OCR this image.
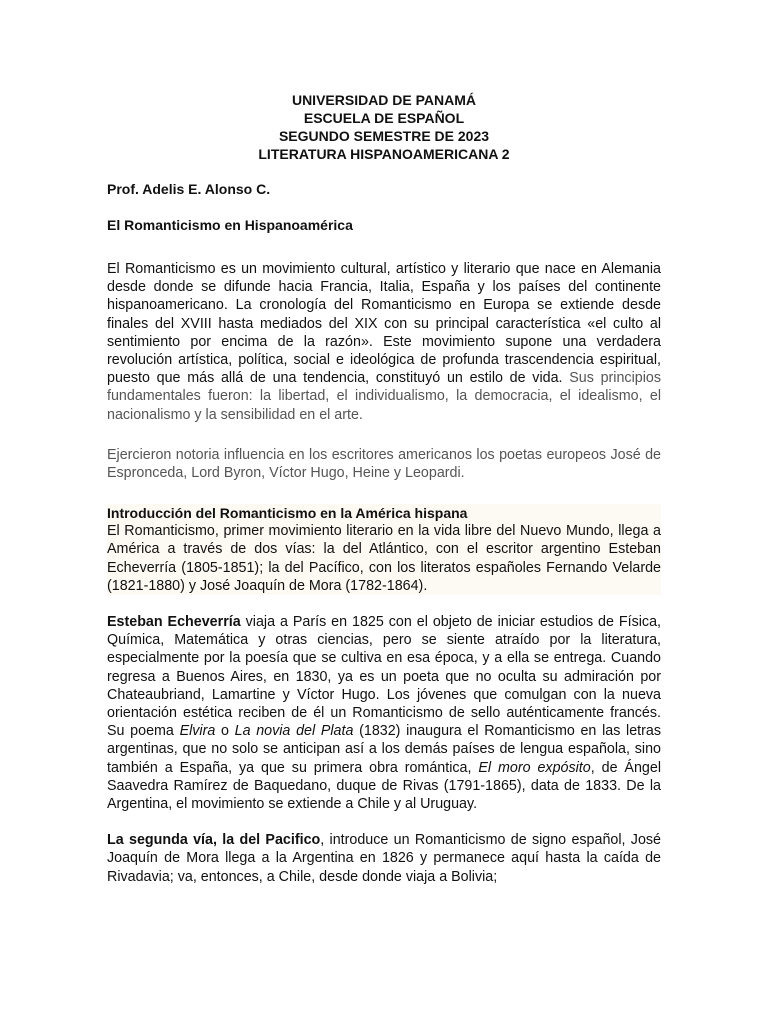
UNIVERSIDAD DE PANAMÁ
ESCUELA DE ESPAÑOL
SEGUNDO SEMESTRE DE 2023
LITERATURA HISPANOAMERICANA 2
Prof. Adelis E. Alonso C.
El Romanticismo en Hispanoamérica

El Romanticismo es un movimiento cultural, artístico y literario que nace en Alemania desde donde se difunde hacia Francia, Italia, España y los países del continente hispanoamericano. La cronología del Romanticismo en Europa se extiende desde finales del XVIII hasta mediados del XIX con su principal característica «el culto al sentimiento por encima de la razón». Este movimiento supone una verdadera revolución artística, política, social e ideológica de profunda trascendencia espiritual, puesto que más allá de una tendencia, constituyó un estilo de vida. Sus principios fundamentales fueron: la libertad, el individualismo, la democracia, el idealismo, el nacionalismo y la sensibilidad en el arte.

Ejercieron notoria influencia en los escritores americanos los poetas europeos José de Espronceda, Lord Byron, Víctor Hugo, Heine y Leopardi.

Introducción del Romanticismo en la América hispana

El Romanticismo, primer movimiento literario en la vida libre del Nuevo Mundo, llega a América a través de dos vías: la del Atlántico, con el escritor argentino Esteban Echeverría (1805-1851); la del Pacífico, con los literatos españoles Fernando Velarde (1821-1880) y José Joaquín de Mora (1782-1864).

Esteban Echeverría viaja a París en 1825 con el objeto de iniciar estudios de Física, Química, Matemática y otras ciencias, pero se siente atraído por la literatura, especialmente por la poesía que se cultiva en esa época, y a ella se entrega. Cuando regresa a Buenos Aires, en 1830, ya es un poeta que no oculta su admiración por Chateaubriand, Lamartine y Víctor Hugo. Los jóvenes que comulgan con la nueva orientación estética reciben de él un Romanticismo de sello auténticamente francés. Su poema Elvira o La novia del Plata (1832) inaugura el Romanticismo en las letras argentinas, que no solo se anticipan así a los demás países de lengua española, sino también a España, ya que su primera obra romántica, El moro expósito, de Ángel Saavedra Ramírez de Baquedano, duque de Rivas (1791-1865), data de 1833. De la Argentina, el movimiento se extiende a Chile y al Uruguay.

La segunda vía, la del Pacifico, introduce un Romanticismo de signo español, José Joaquín de Mora llega a la Argentina en 1826 y permanece aquí hasta la caída de Rivadavia; va, entonces, a Chile, desde donde viaja a Bolivia;
